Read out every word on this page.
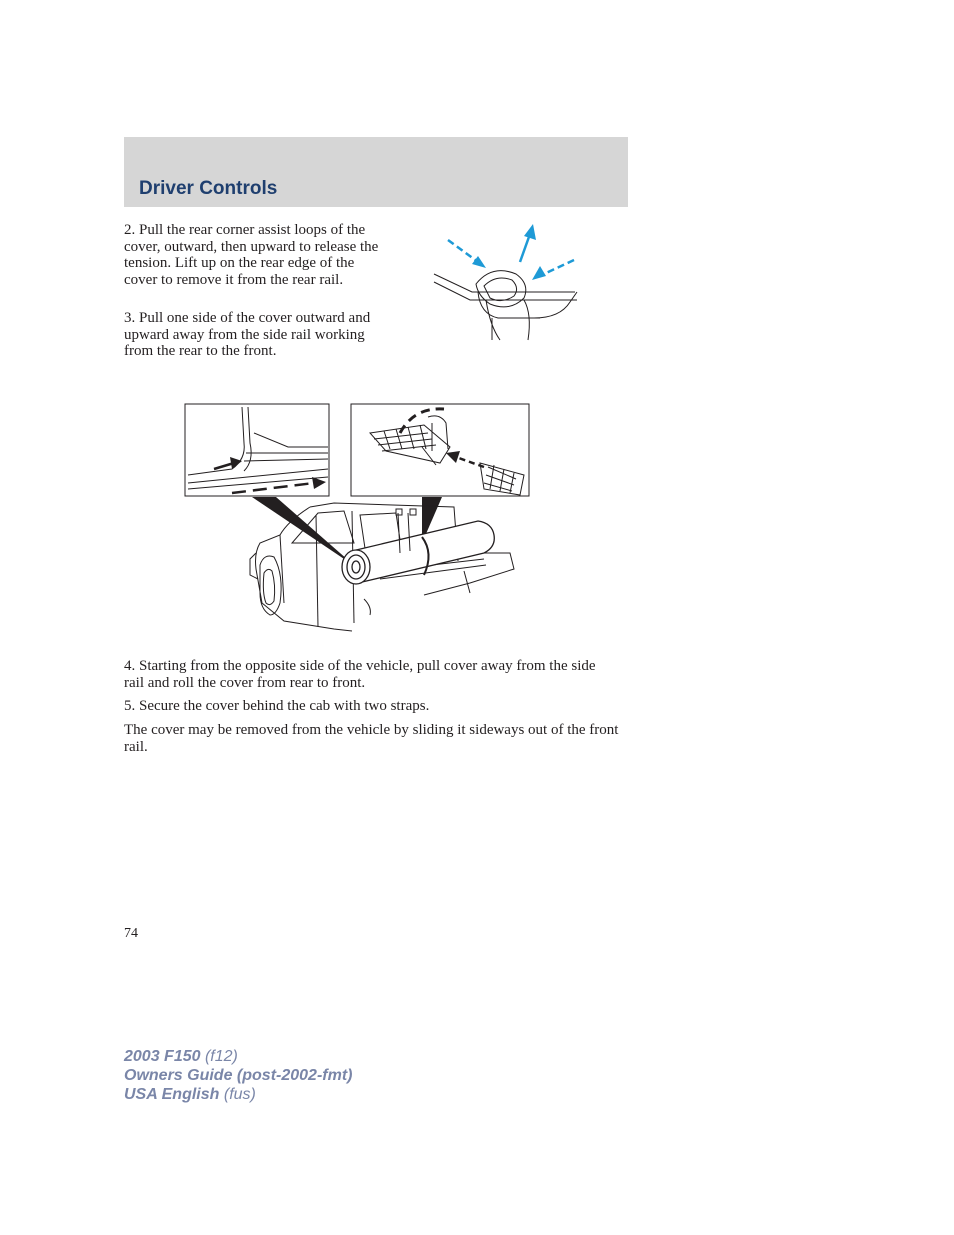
Driver Controls

2. Pull the rear corner assist loops of the cover, outward, then upward to release the tension. Lift up on the rear edge of the cover to remove it from the rear rail.

3. Pull one side of the cover outward and upward away from the side rail working from the rear to the front.

4. Starting from the opposite side of the vehicle, pull cover away from the side rail and roll the cover from rear to front.

5. Secure the cover behind the cab with two straps.

The cover may be removed from the vehicle by sliding it sideways out of the front rail.

74
2003 F150 (f12)
Owners Guide (post-2002-fmt)
USA English (fus)
